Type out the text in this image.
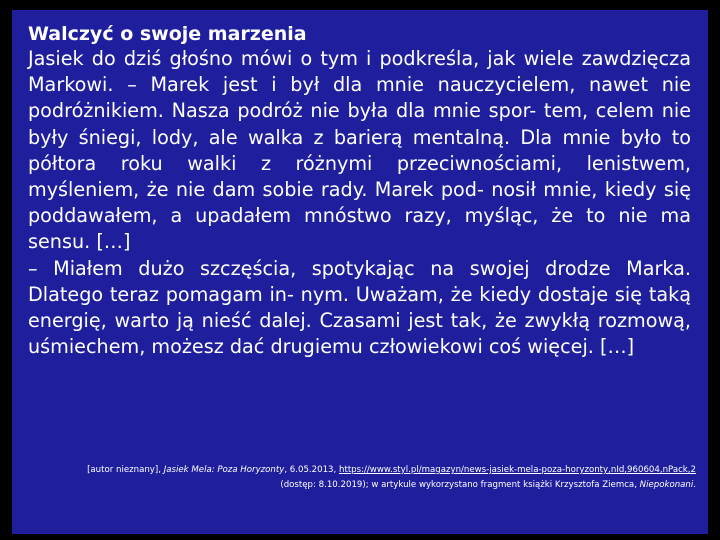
Walczyć o swoje marzenia

Jasiek do dziś głośno mówi o tym i podkreśla, jak wiele zawdzięcza Markowi. – Marek jest i był dla mnie nauczycielem, nawet nie podróżnikiem. Nasza podróż nie była dla mnie spor- tem, celem nie były śniegi, lody, ale walka z barierą mentalną. Dla mnie było to półtora roku walki z różnymi przeciwnościami, lenistwem, myśleniem, że nie dam sobie rady. Marek pod- nosił mnie, kiedy się poddawałem, a upadałem mnóstwo razy, myśląc, że to nie ma sensu. […]

– Miałem dużo szczęścia, spotykając na swojej drodze Marka. Dlatego teraz pomagam in- nym. Uważam, że kiedy dostaje się taką energię, warto ją nieść dalej. Czasami jest tak, że zwykłą rozmową, uśmiechem, możesz dać drugiemu człowiekowi coś więcej. […]

[autor nieznany], Jasiek Mela: Poza Horyzonty, 6.05.2013, https://www.styl.pl/magazyn/news-jasiek-mela-poza-horyzonty,nId,960604,nPack,2
(dostęp: 8.10.2019); w artykule wykorzystano fragment książki Krzysztofa Ziemca, Niepokonani.
